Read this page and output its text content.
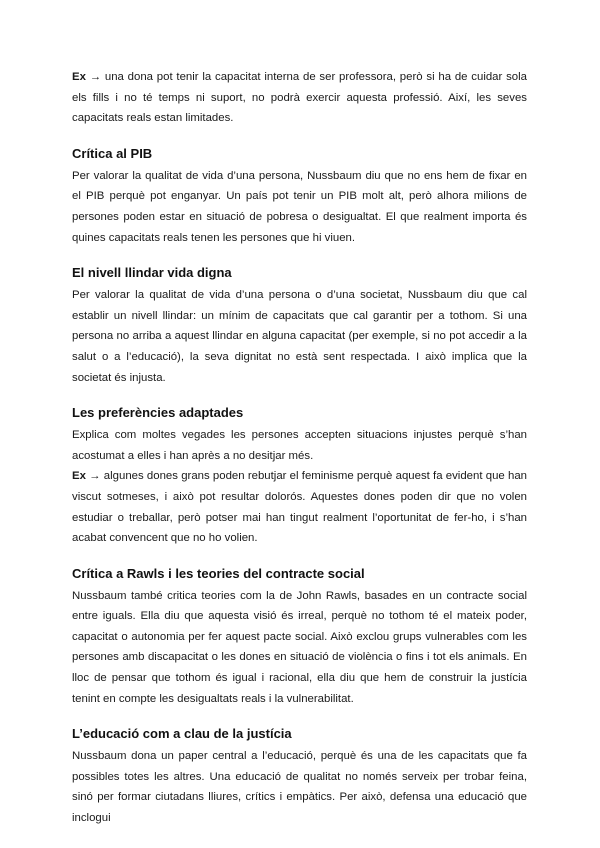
Ex → una dona pot tenir la capacitat interna de ser professora, però si ha de cuidar sola els fills i no té temps ni suport, no podrà exercir aquesta professió. Així, les seves capacitats reals estan limitades.

Crítica al PIB

Per valorar la qualitat de vida d’una persona, Nussbaum diu que no ens hem de fixar en el PIB perquè pot enganyar. Un país pot tenir un PIB molt alt, però alhora milions de persones poden estar en situació de pobresa o desigualtat. El que realment importa és quines capacitats reals tenen les persones que hi viuen.

El nivell llindar vida digna

Per valorar la qualitat de vida d’una persona o d’una societat, Nussbaum diu que cal establir un nivell llindar: un mínim de capacitats que cal garantir per a tothom. Si una persona no arriba a aquest llindar en alguna capacitat (per exemple, si no pot accedir a la salut o a l’educació), la seva dignitat no està sent respectada. I això implica que la societat és injusta.

Les preferències adaptades

Explica com moltes vegades les persones accepten situacions injustes perquè s’han acostumat a elles i han après a no desitjar més.

Ex → algunes dones grans poden rebutjar el feminisme perquè aquest fa evident que han viscut sotmeses, i això pot resultar dolorós. Aquestes dones poden dir que no volen estudiar o treballar, però potser mai han tingut realment l’oportunitat de fer-ho, i s’han acabat convencent que no ho volien.

Crítica a Rawls i les teories del contracte social

Nussbaum també critica teories com la de John Rawls, basades en un contracte social entre iguals. Ella diu que aquesta visió és irreal, perquè no tothom té el mateix poder, capacitat o autonomia per fer aquest pacte social. Això exclou grups vulnerables com les persones amb discapacitat o les dones en situació de violència o fins i tot els animals. En lloc de pensar que tothom és igual i racional, ella diu que hem de construir la justícia tenint en compte les desigualtats reals i la vulnerabilitat.

L’educació com a clau de la justícia

Nussbaum dona un paper central a l’educació, perquè és una de les capacitats que fa possibles totes les altres. Una educació de qualitat no només serveix per trobar feina, sinó per formar ciutadans lliures, crítics i empàtics. Per això, defensa una educació que inclogui
